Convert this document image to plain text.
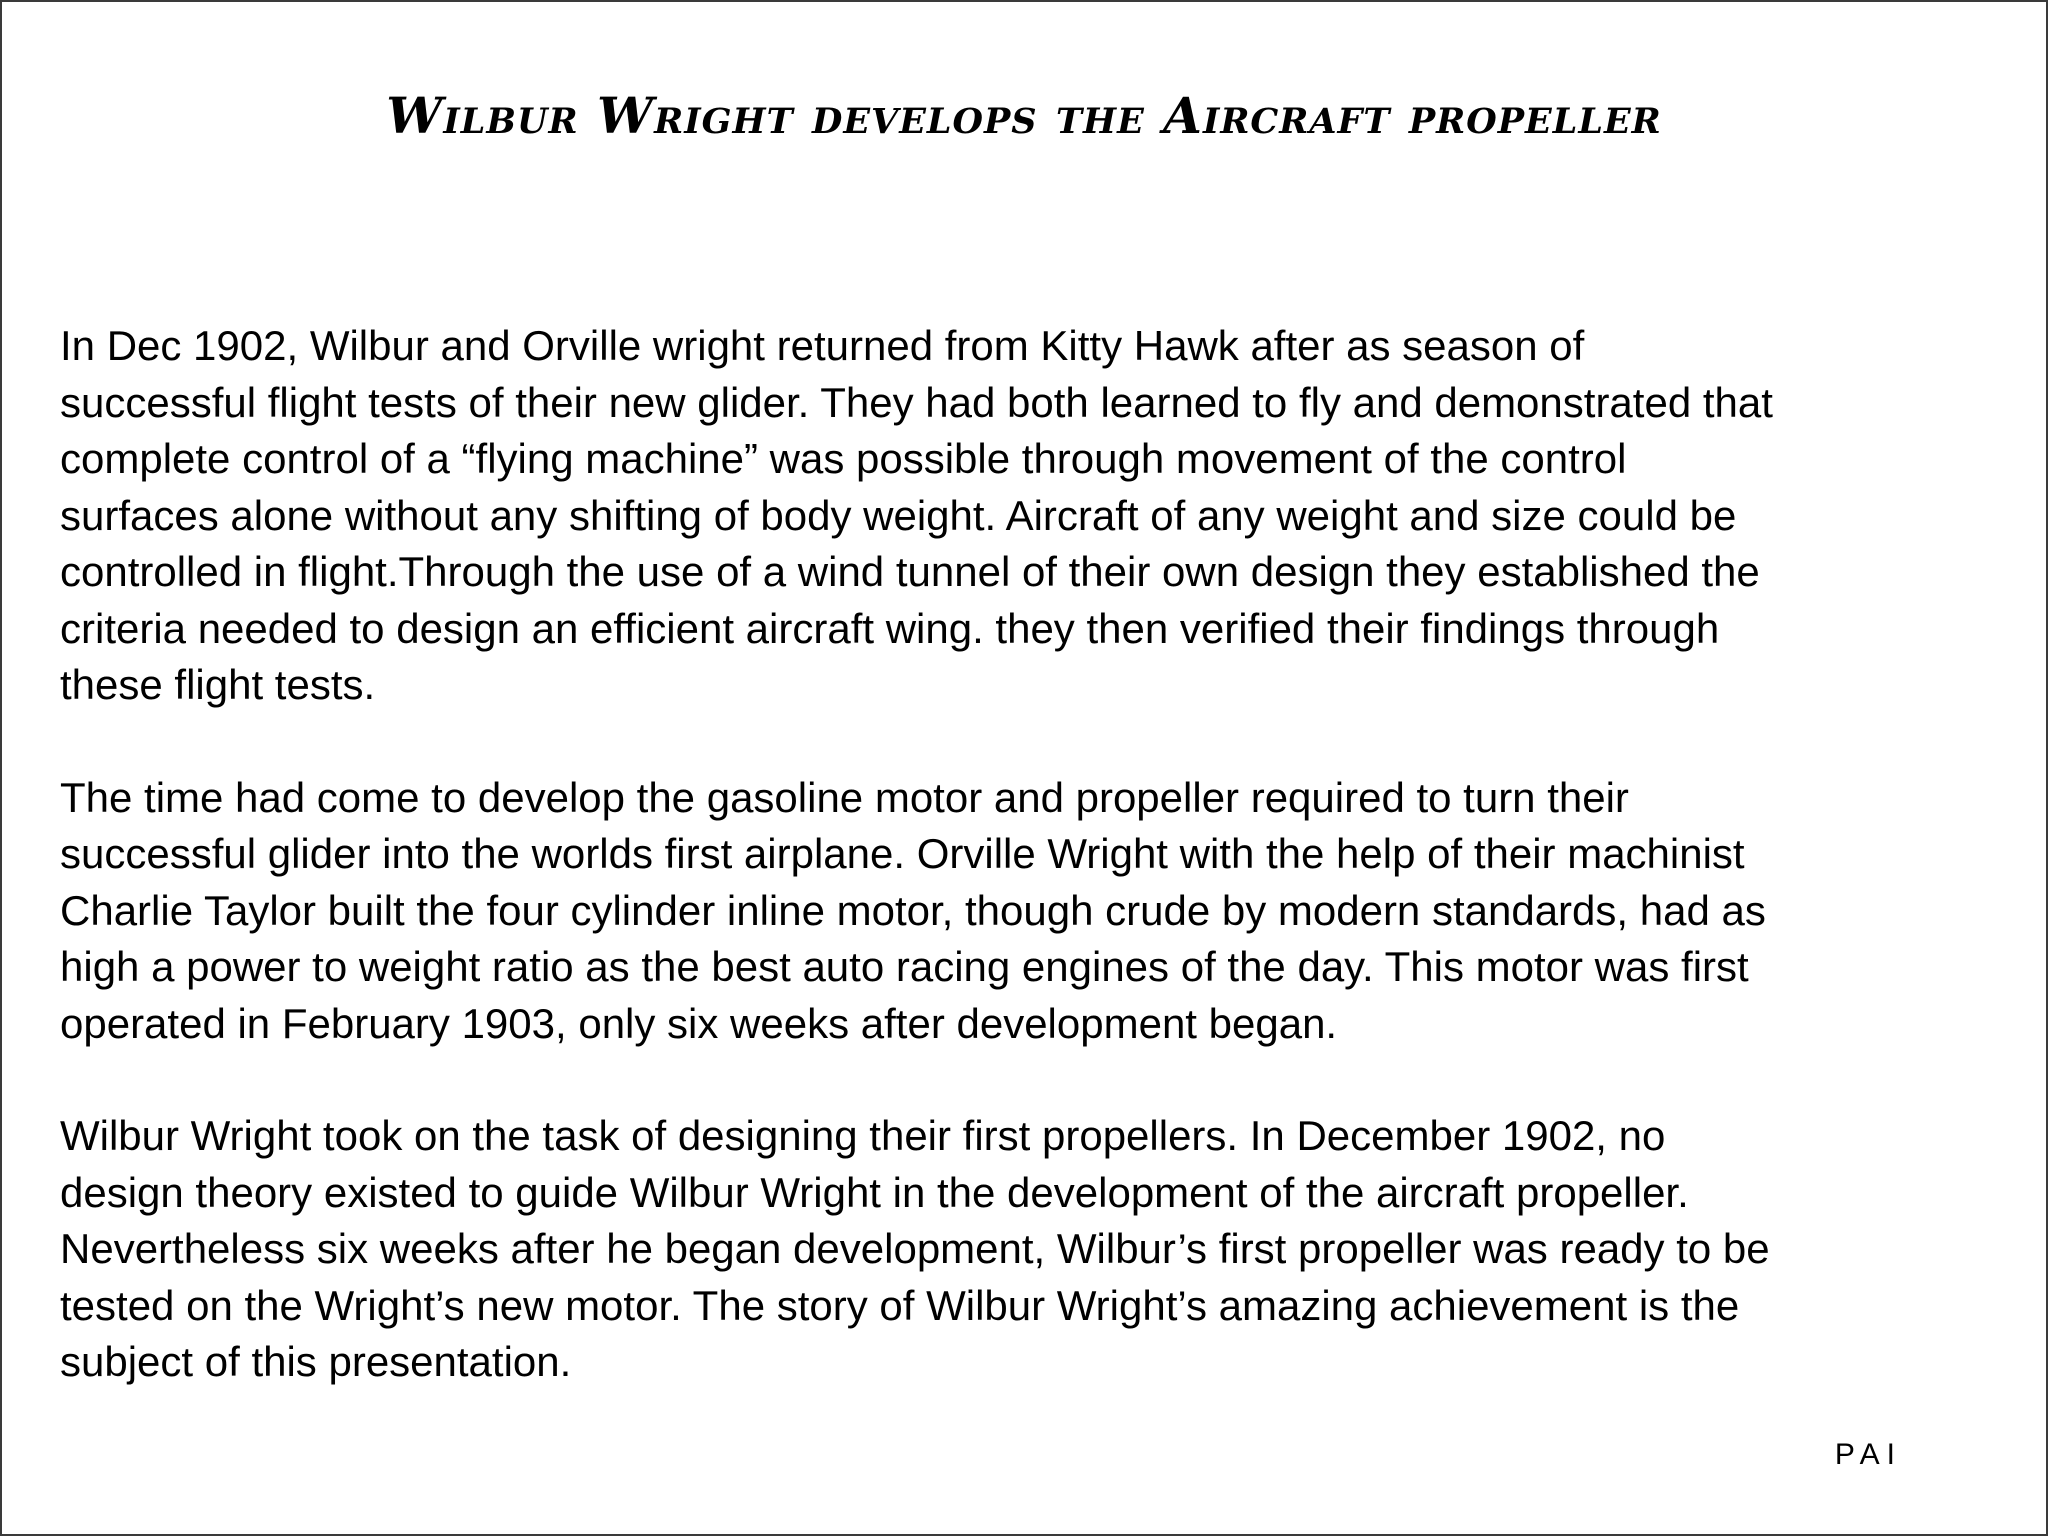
Wilbur Wright develops the Aircraft propeller

In Dec 1902, Wilbur and Orville wright returned from Kitty Hawk after as season of
successful flight tests of their new glider. They had both learned to fly and demonstrated that
complete control of a “flying machine” was possible through movement of the control
surfaces alone without any shifting of body weight. Aircraft of any weight and size could be
controlled in flight.Through the use of a wind tunnel of their own design they established the
criteria needed to design an efficient aircraft wing. they then verified their findings through
these flight tests.

The time had come to develop the gasoline motor and propeller required to turn their
successful glider into the worlds first airplane. Orville Wright with the help of their machinist
Charlie Taylor built the four cylinder inline motor, though crude by modern standards, had as
high a power to weight ratio as the best auto racing engines of the day. This motor was first
operated in February 1903, only six weeks after development began.

Wilbur Wright took on the task of designing their first propellers. In December 1902, no
design theory existed to guide Wilbur Wright in the development of the aircraft propeller.
Nevertheless six weeks after he began development, Wilbur’s first propeller was ready to be
tested on the Wright’s new motor. The story of Wilbur Wright’s amazing achievement is the
subject of this presentation.

PAI
